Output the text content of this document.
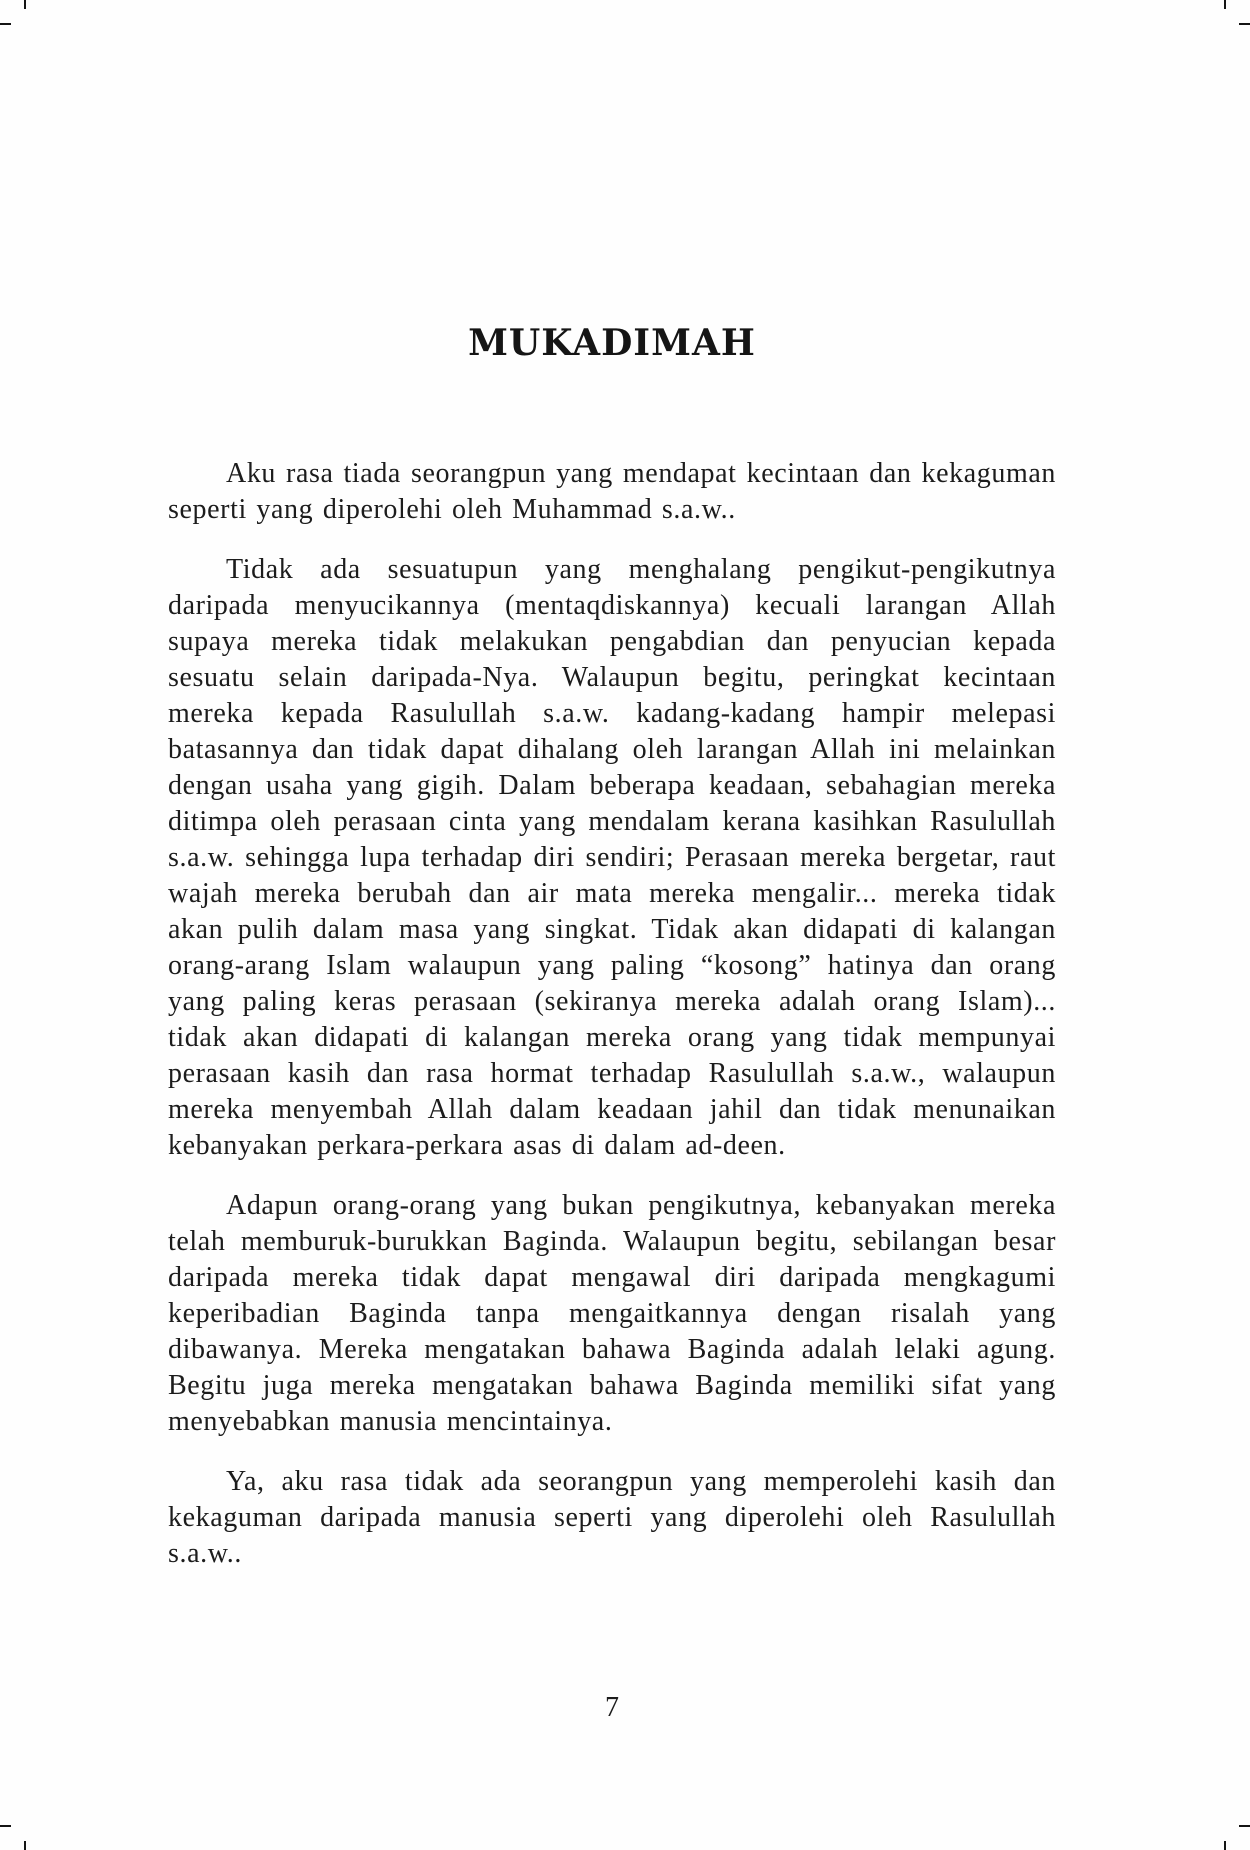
MUKADIMAH

Aku rasa tiada seorangpun yang mendapat kecintaan dan kekaguman seperti yang diperolehi oleh Muhammad s.a.w..

Tidak ada sesuatupun yang menghalang pengikut-pengikutnya daripada menyucikannya (mentaqdiskannya) kecuali larangan Allah supaya mereka tidak melakukan pengabdian dan penyucian kepada sesuatu selain daripada-Nya. Walaupun begitu, peringkat kecintaan mereka kepada Rasulullah s.a.w. kadang-kadang hampir melepasi batasannya dan tidak dapat dihalang oleh larangan Allah ini melainkan dengan usaha yang gigih. Dalam beberapa keadaan, sebahagian mereka ditimpa oleh perasaan cinta yang mendalam kerana kasihkan Rasulullah s.a.w. sehingga lupa terhadap diri sendiri; Perasaan mereka bergetar, raut wajah mereka berubah dan air mata mereka mengalir... mereka tidak akan pulih dalam masa yang singkat. Tidak akan didapati di kalangan orang-arang Islam walaupun yang paling “kosong” hatinya dan orang yang paling keras perasaan (sekiranya mereka adalah orang Islam)... tidak akan didapati di kalangan mereka orang yang tidak mempunyai perasaan kasih dan rasa hormat terhadap Rasulullah s.a.w., walaupun mereka menyembah Allah dalam keadaan jahil dan tidak menunaikan kebanyakan perkara-perkara asas di dalam ad-deen.

Adapun orang-orang yang bukan pengikutnya, kebanyakan mereka telah memburuk-burukkan Baginda. Walaupun begitu, sebilangan besar daripada mereka tidak dapat mengawal diri daripada mengkagumi keperibadian Baginda tanpa mengaitkannya dengan risalah yang dibawanya. Mereka mengatakan bahawa Baginda adalah lelaki agung. Begitu juga mereka mengatakan bahawa Baginda memiliki sifat yang menyebabkan manusia mencintainya.

Ya, aku rasa tidak ada seorangpun yang memperolehi kasih dan kekaguman daripada manusia seperti yang diperolehi oleh Rasulullah s.a.w..

7
